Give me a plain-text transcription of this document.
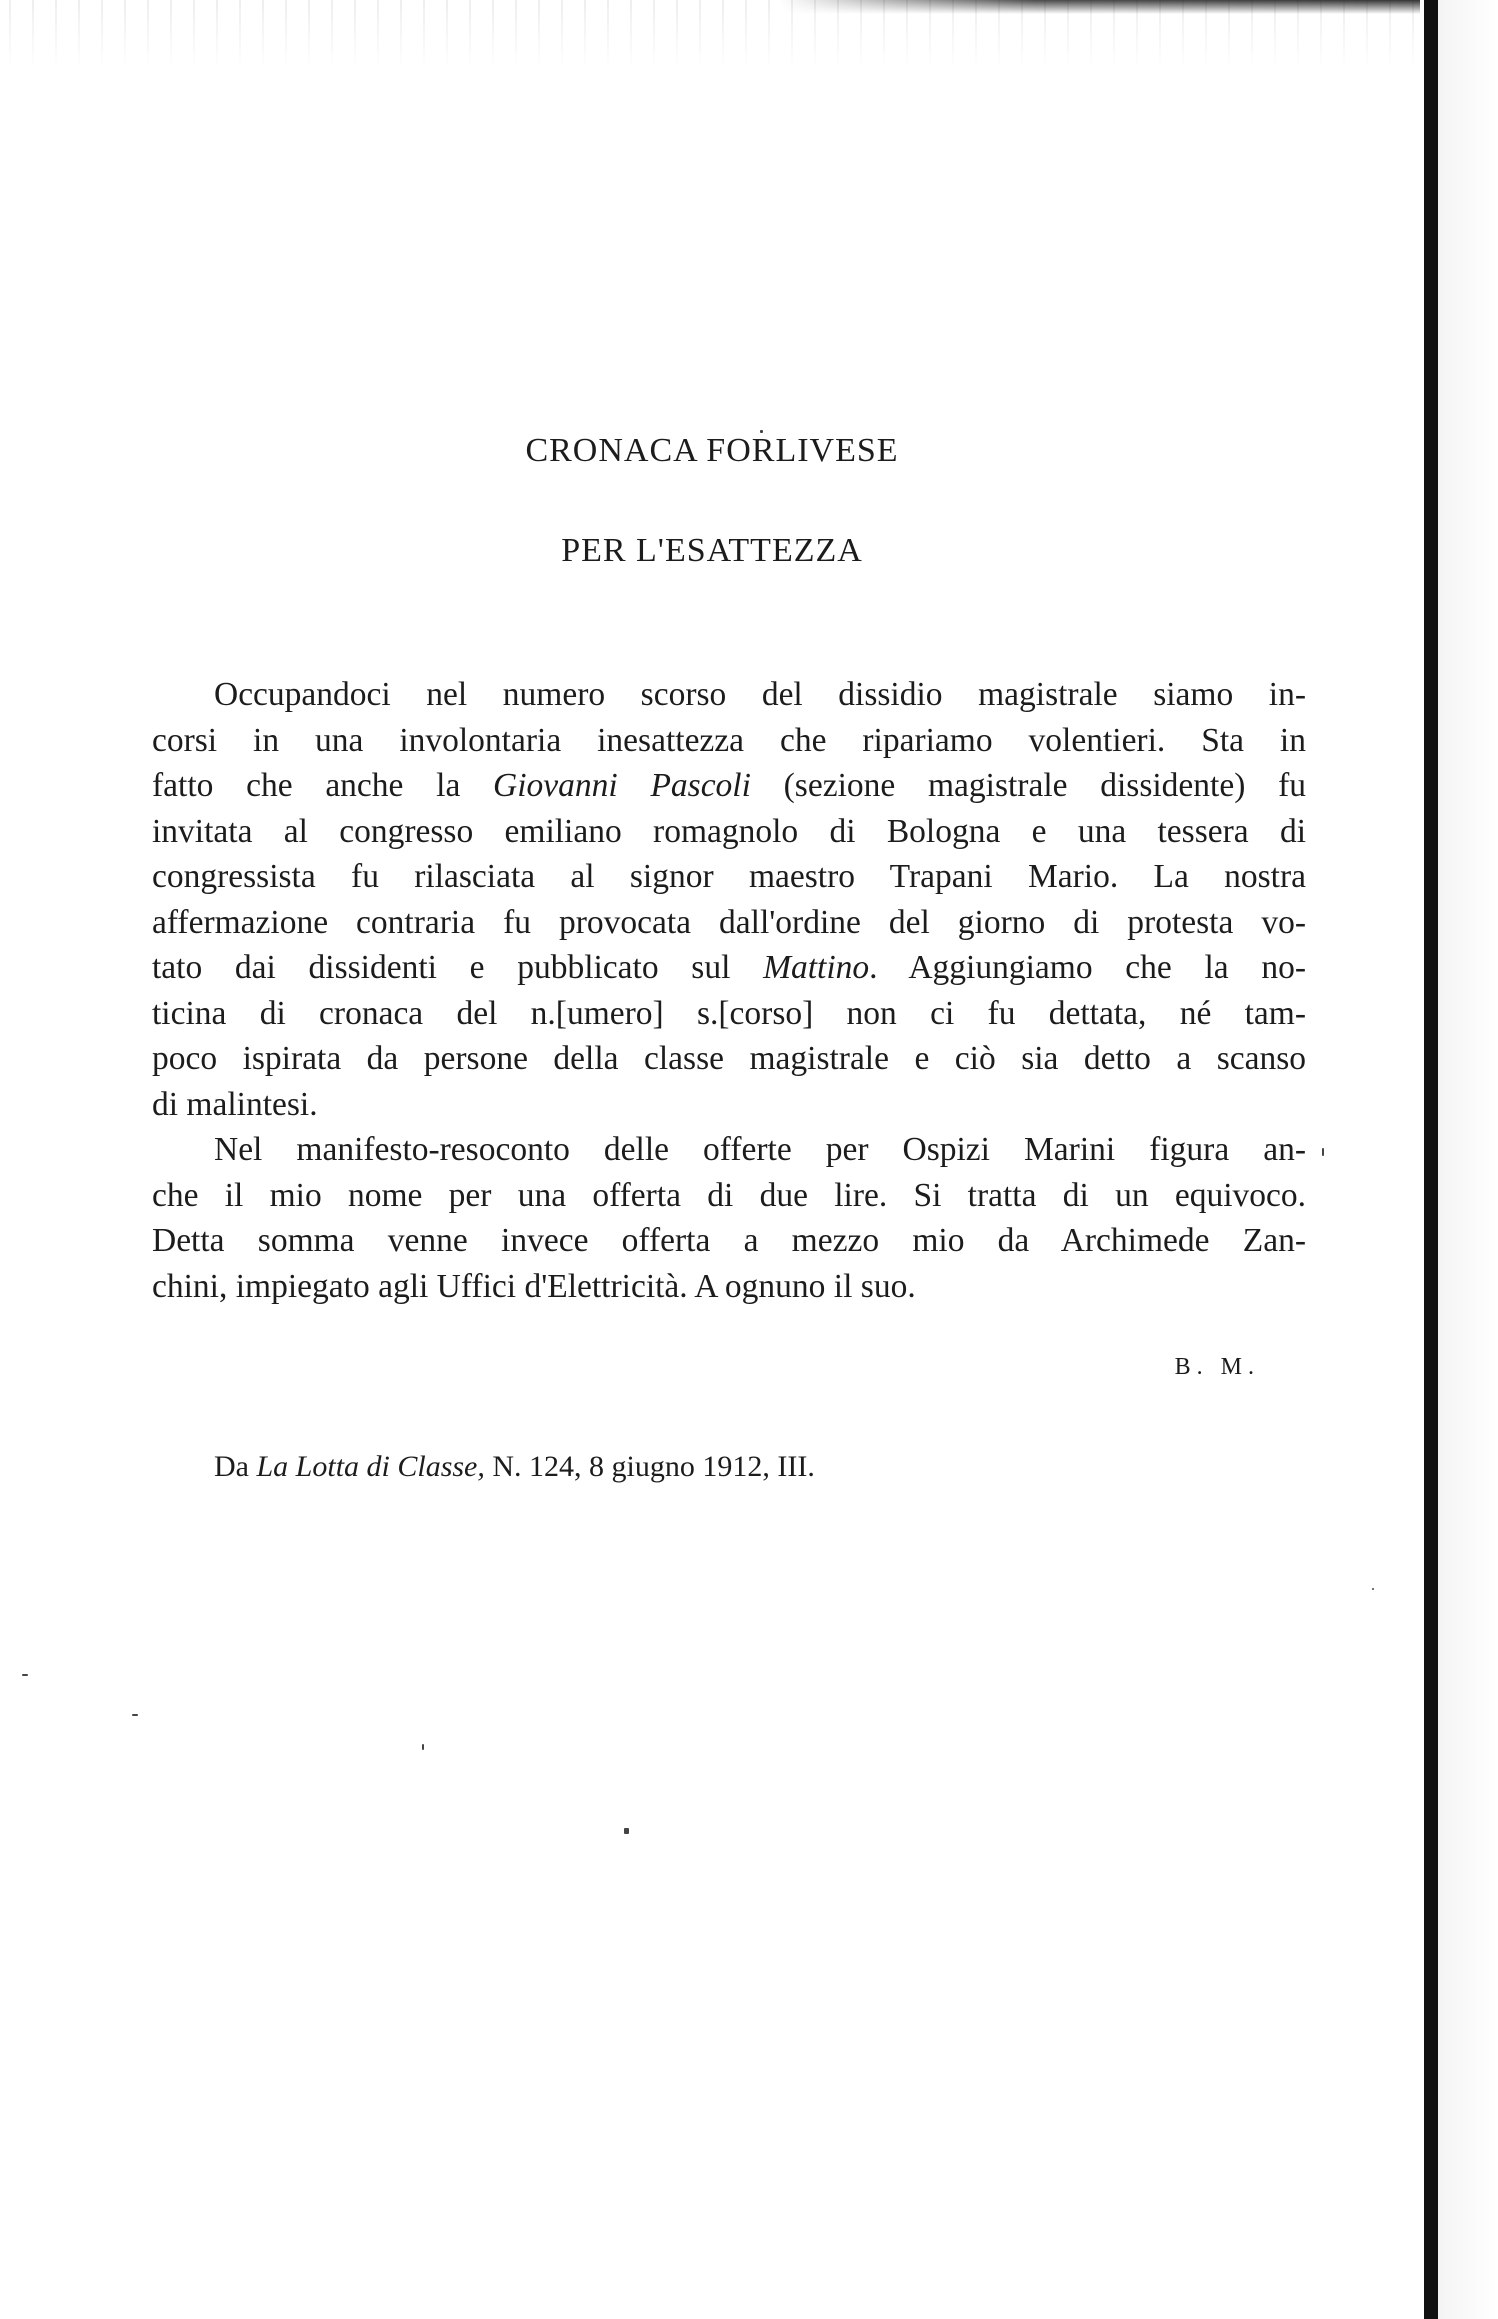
CRONACA FORLIVESE
PER L'ESATTEZZA
Occupandoci nel numero scorso del dissidio magistrale siamo in-
corsi in una involontaria inesattezza che ripariamo volentieri. Sta in
fatto che anche la Giovanni Pascoli (sezione magistrale dissidente) fu
invitata al congresso emiliano romagnolo di Bologna e una tessera di
congressista fu rilasciata al signor maestro Trapani Mario. La nostra
affermazione contraria fu provocata dall'ordine del giorno di protesta vo-
tato dai dissidenti e pubblicato sul Mattino. Aggiungiamo che la no-
ticina di cronaca del n.[umero] s.[corso] non ci fu dettata, né tam-
poco ispirata da persone della classe magistrale e ciò sia detto a scanso
di malintesi.
Nel manifesto-resoconto delle offerte per Ospizi Marini figura an-
che il mio nome per una offerta di due lire. Si tratta di un equivoco.
Detta somma venne invece offerta a mezzo mio da Archimede Zan-
chini, impiegato agli Uffici d'Elettricità. A ognuno il suo.
B. M.
Da La Lotta di Classe, N. 124, 8 giugno 1912, III.
